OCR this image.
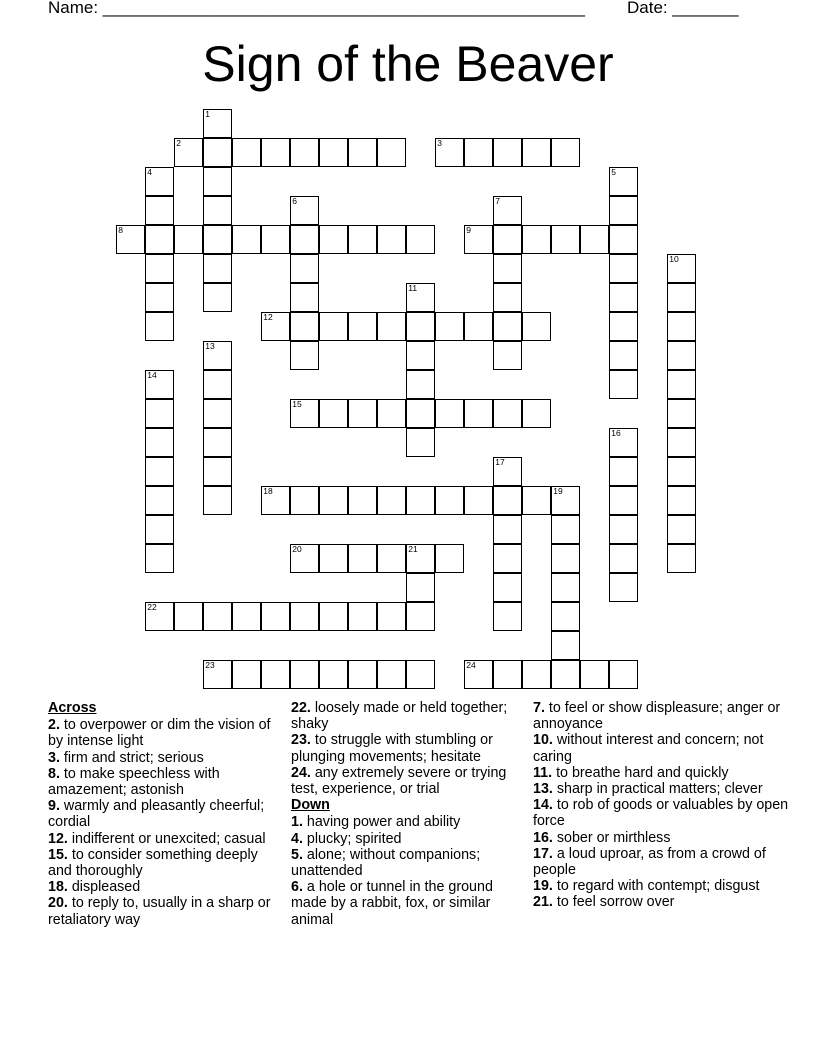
Name: ___________________________________________________ Date: _______
Sign of the Beaver
1
2	3
4	5
6	7
8	9
10
11
12
13
14
15
16
17
18	19
20	21
22
23	24
Across
2. to overpower or dim the vision of by intense light
3. firm and strict; serious
8. to make speechless with amazement; astonish
9. warmly and pleasantly cheerful; cordial
12. indifferent or unexcited; casual
15. to consider something deeply and thoroughly
18. displeased
20. to reply to, usually in a sharp or retaliatory way
22. loosely made or held together; shaky
23. to struggle with stumbling or plunging movements; hesitate
24. any extremely severe or trying test, experience, or trial
Down
1. having power and ability
4. plucky; spirited
5. alone; without companions; unattended
6. a hole or tunnel in the ground made by a rabbit, fox, or similar animal
7. to feel or show displeasure; anger or annoyance
10. without interest and concern; not caring
11. to breathe hard and quickly
13. sharp in practical matters; clever
14. to rob of goods or valuables by open force
16. sober or mirthless
17. a loud uproar, as from a crowd of people
19. to regard with contempt; disgust
21. to feel sorrow over
